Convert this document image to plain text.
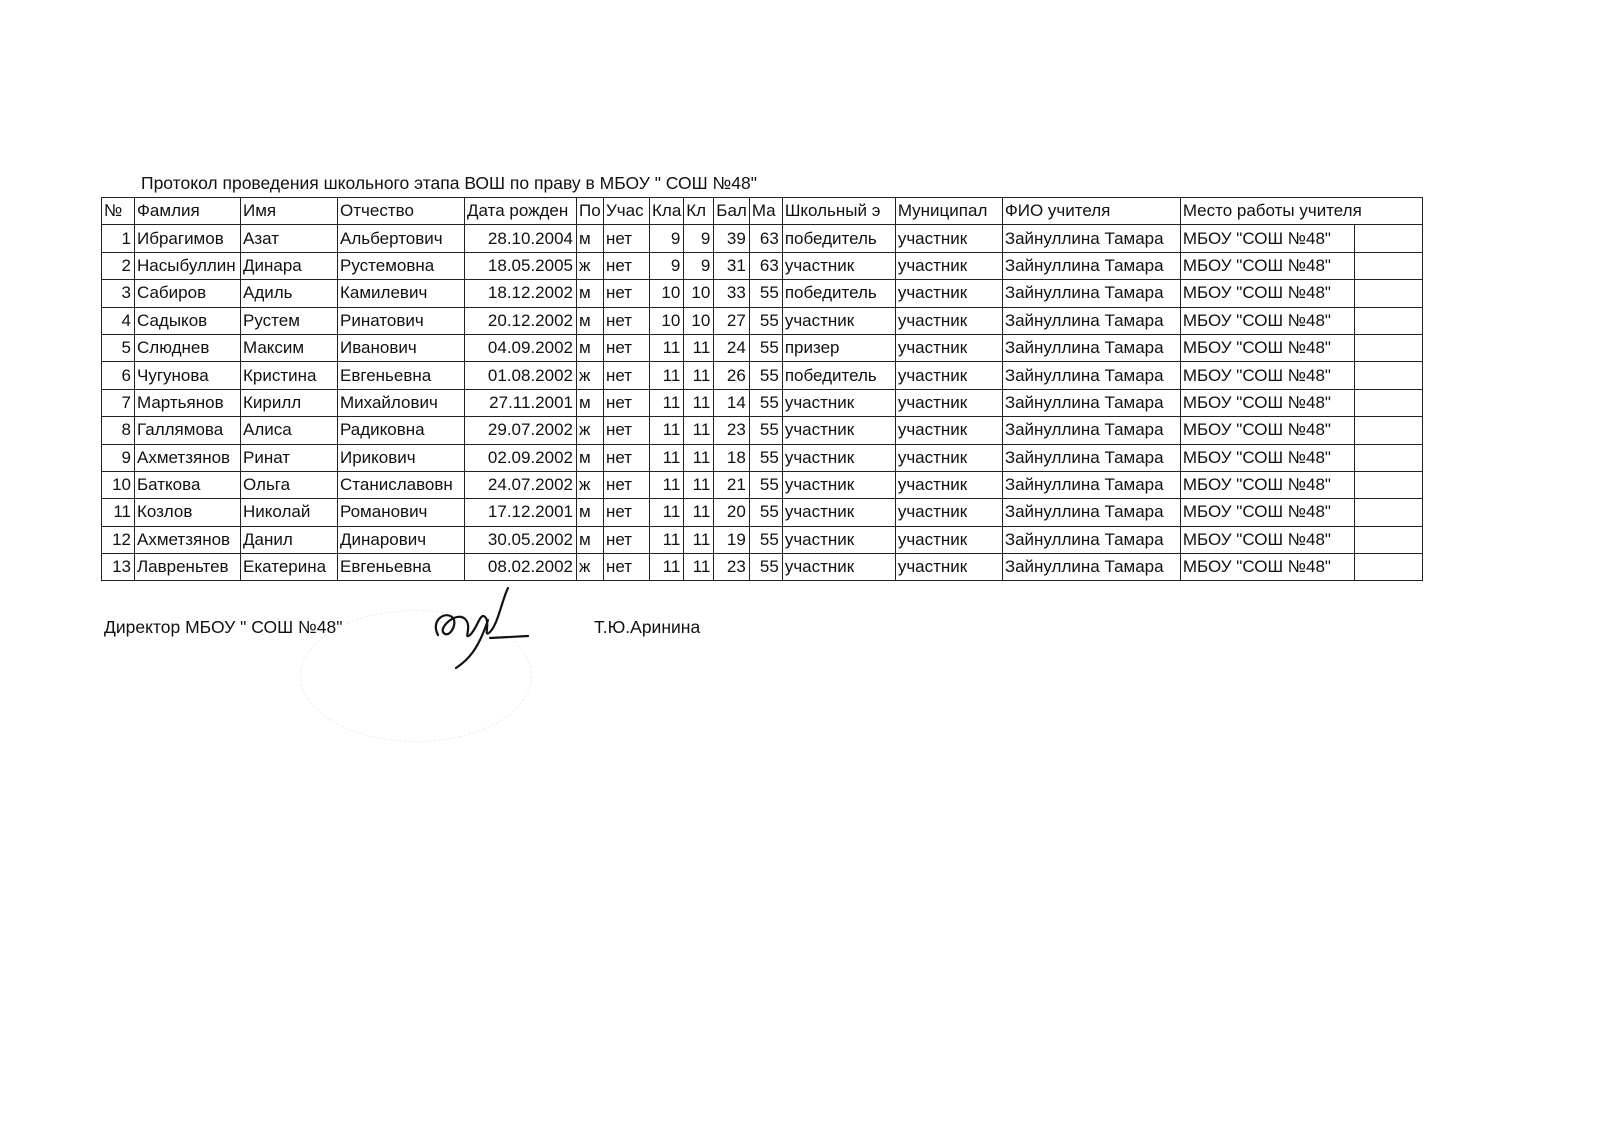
Протокол проведения школьного этапа ВОШ по праву в МБОУ " СОШ №48"
№	Фамлия	Имя	Отчество	Дата рожден	По	Учас	Кла	Кл	Бал	Ма	Школьный э	Муниципал	ФИО учителя	Место работы учителя	
1	Ибрагимов	Азат	Альбертович	28.10.2004	м	нет	9	9	39	63	победитель	участник	Зайнуллина Тамара	МБОУ "СОШ №48"	
2	Насыбуллин	Динара	Рустемовна	18.05.2005	ж	нет	9	9	31	63	участник	участник	Зайнуллина Тамара	МБОУ "СОШ №48"	
3	Сабиров	Адиль	Камилевич	18.12.2002	м	нет	10	10	33	55	победитель	участник	Зайнуллина Тамара	МБОУ "СОШ №48"	
4	Садыков	Рустем	Ринатович	20.12.2002	м	нет	10	10	27	55	участник	участник	Зайнуллина Тамара	МБОУ "СОШ №48"	
5	Слюднев	Максим	Иванович	04.09.2002	м	нет	11	11	24	55	призер	участник	Зайнуллина Тамара	МБОУ "СОШ №48"	
6	Чугунова	Кристина	Евгеньевна	01.08.2002	ж	нет	11	11	26	55	победитель	участник	Зайнуллина Тамара	МБОУ "СОШ №48"	
7	Мартьянов	Кирилл	Михайлович	27.11.2001	м	нет	11	11	14	55	участник	участник	Зайнуллина Тамара	МБОУ "СОШ №48"	
8	Галлямова	Алиса	Радиковна	29.07.2002	ж	нет	11	11	23	55	участник	участник	Зайнуллина Тамара	МБОУ "СОШ №48"	
9	Ахметзянов	Ринат	Ирикович	02.09.2002	м	нет	11	11	18	55	участник	участник	Зайнуллина Тамара	МБОУ "СОШ №48"	
10	Баткова	Ольга	Станиславовн	24.07.2002	ж	нет	11	11	21	55	участник	участник	Зайнуллина Тамара	МБОУ "СОШ №48"	
11	Козлов	Николай	Романович	17.12.2001	м	нет	11	11	20	55	участник	участник	Зайнуллина Тамара	МБОУ "СОШ №48"	
12	Ахметзянов	Данил	Динарович	30.05.2002	м	нет	11	11	19	55	участник	участник	Зайнуллина Тамара	МБОУ "СОШ №48"	
13	Лавреньтев	Екатерина	Евгеньевна	08.02.2002	ж	нет	11	11	23	55	участник	участник	Зайнуллина Тамара	МБОУ "СОШ №48"	
Директор МБОУ " СОШ №48"	Т.Ю.Аринина
